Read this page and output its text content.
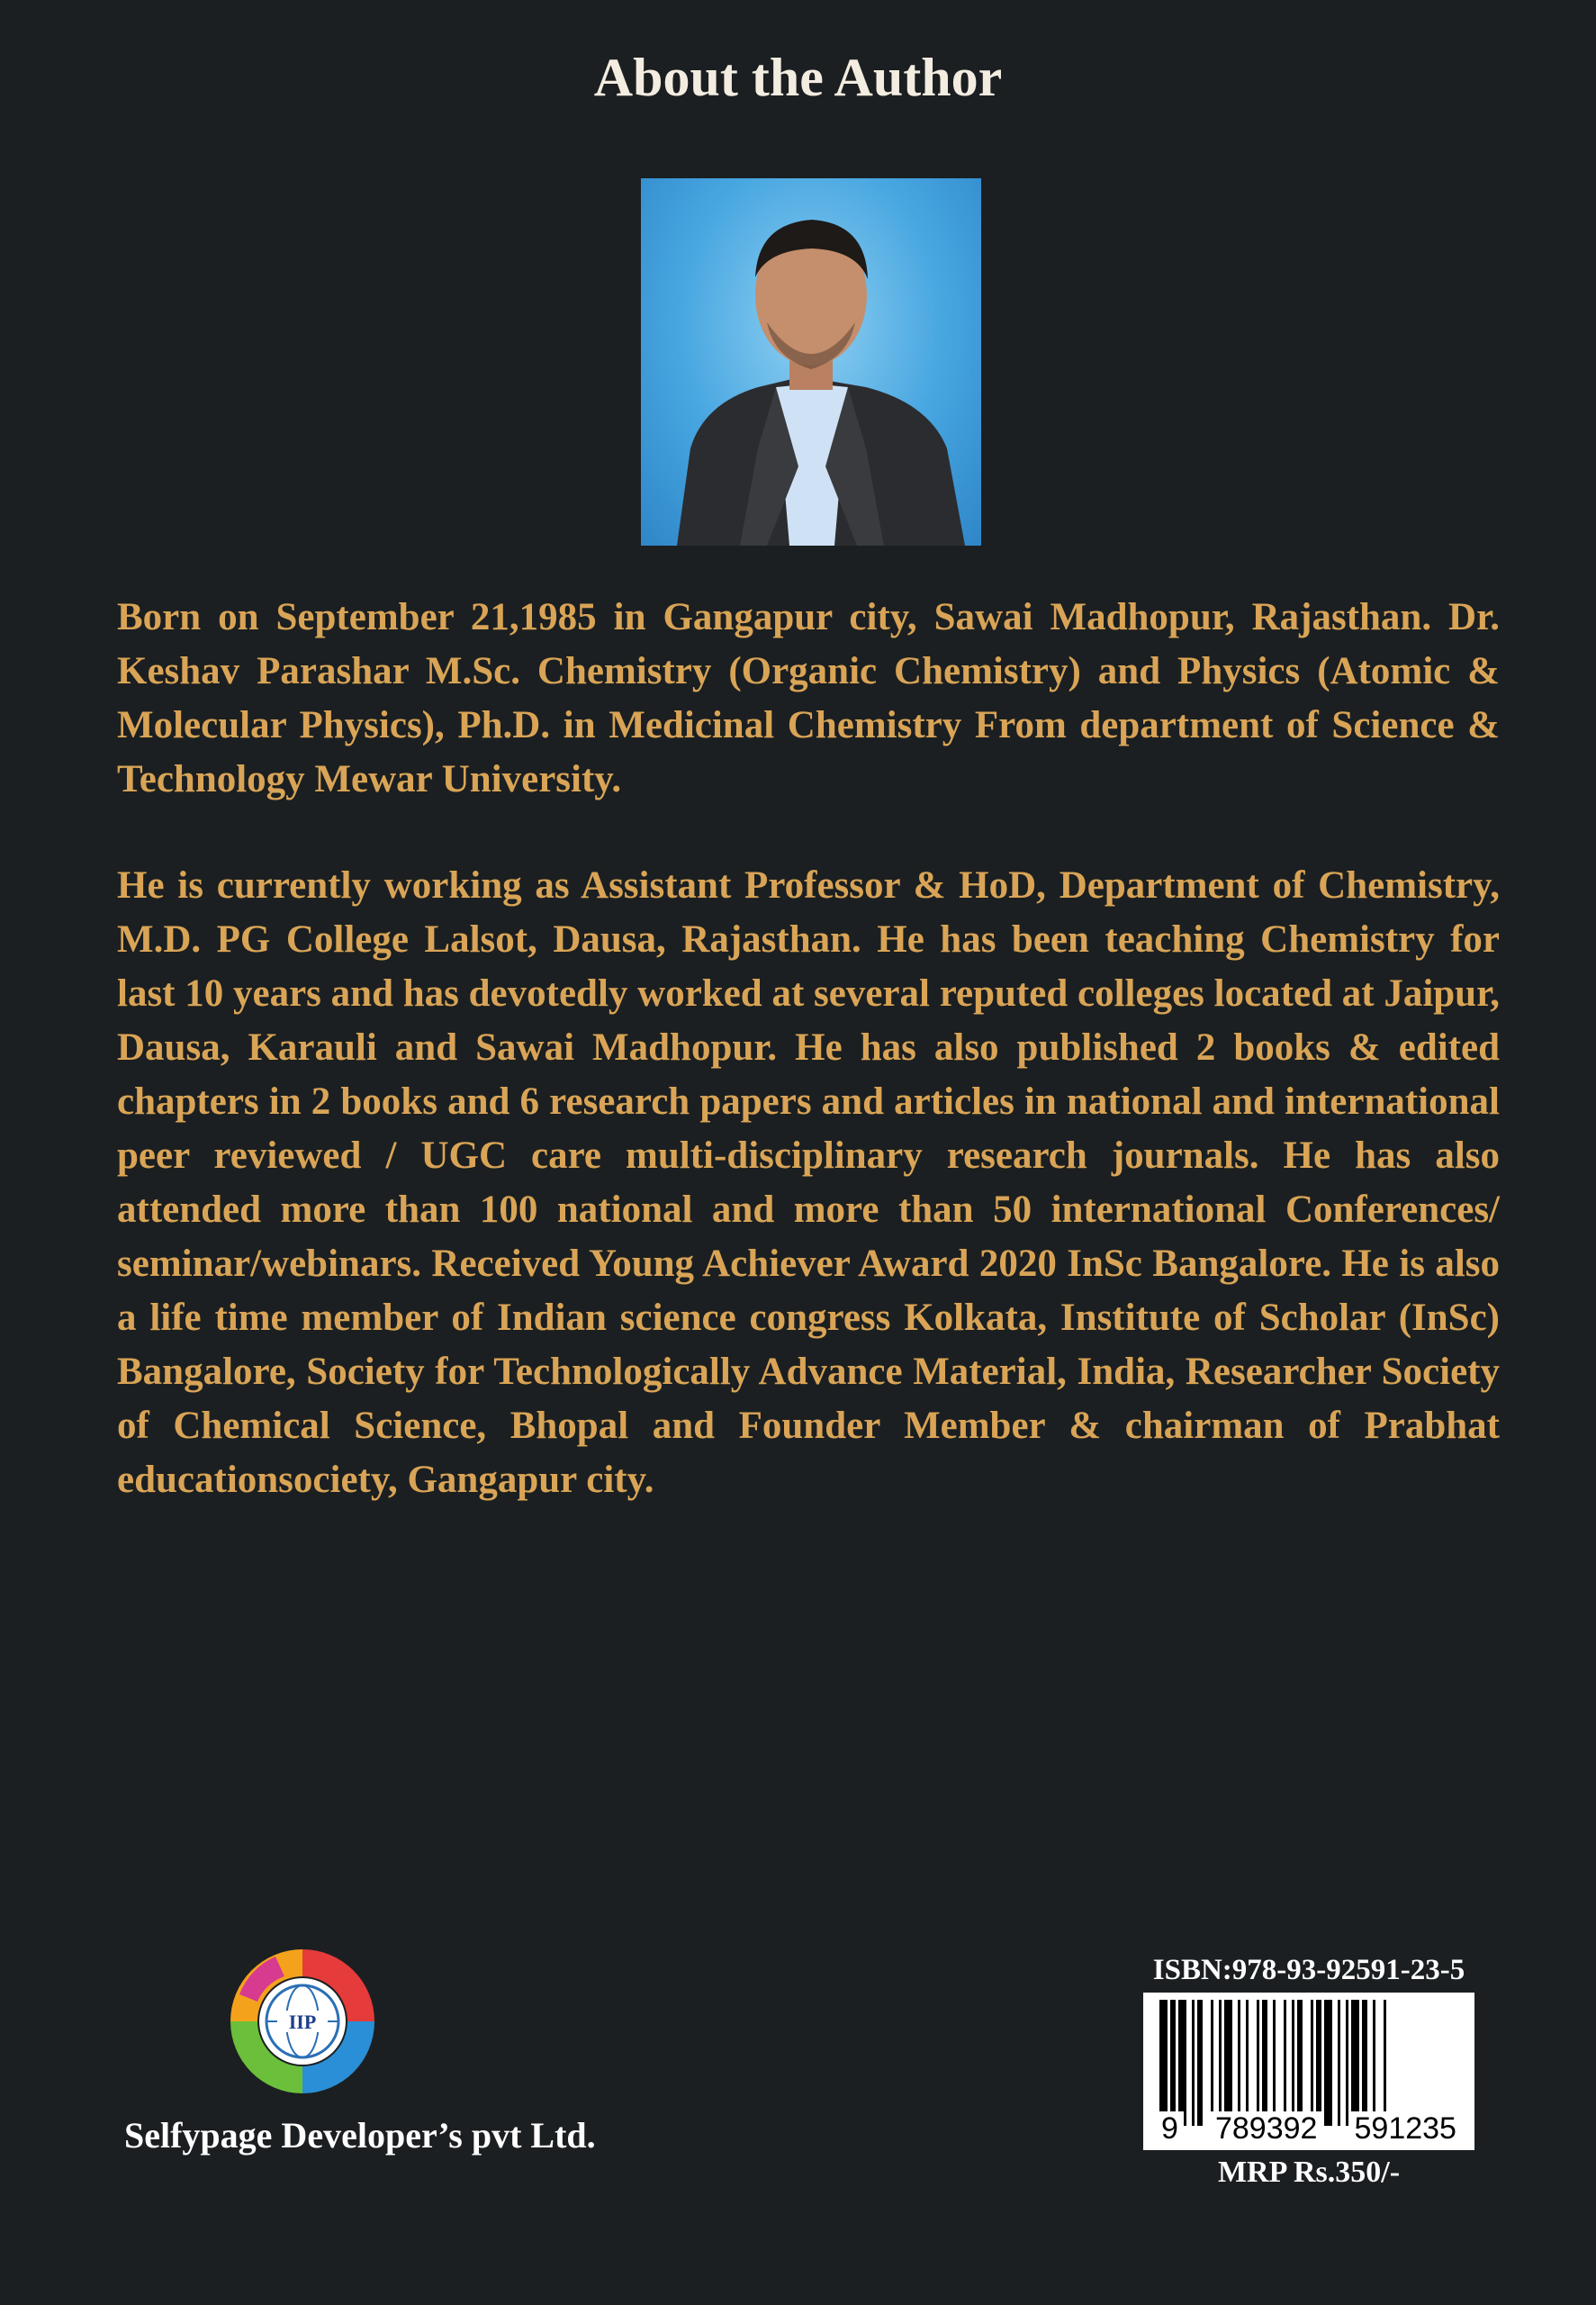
About the Author

Born on September 21,1985 in Gangapur city, Sawai Madhopur, Rajasthan. Dr. Keshav Parashar M.Sc. Chemistry (Organic Chemistry) and Physics (Atomic & Molecular Physics), Ph.D. in Medicinal Chemistry From department of Science & Technology Mewar University.

He is currently working as Assistant Professor & HoD, Department of Chemistry, M.D. PG College Lalsot, Dausa, Rajasthan. He has been teaching Chemistry for last 10 years and has devotedly worked at several reputed colleges located at Jaipur, Dausa, Karauli and Sawai Madhopur. He has also published 2 books & edited chapters in 2 books and 6 research papers and articles in national and international peer reviewed / UGC care multi-disciplinary research journals. He has also attended more than 100 national and more than 50 international Conferences/ seminar/webinars. Received Young Achiever Award 2020 InSc Bangalore. He is also a life time member of Indian science congress Kolkata, Institute of Scholar (InSc) Bangalore, Society for Technologically Advance Material, India, Researcher Society of Chemical Science, Bhopal and Founder Member & chairman of Prabhat educationsociety, Gangapur city.

IIP
Selfypage Developer’s pvt Ltd.
ISBN:978-93-92591-23-5
9 789392 591235
MRP Rs.350/-
